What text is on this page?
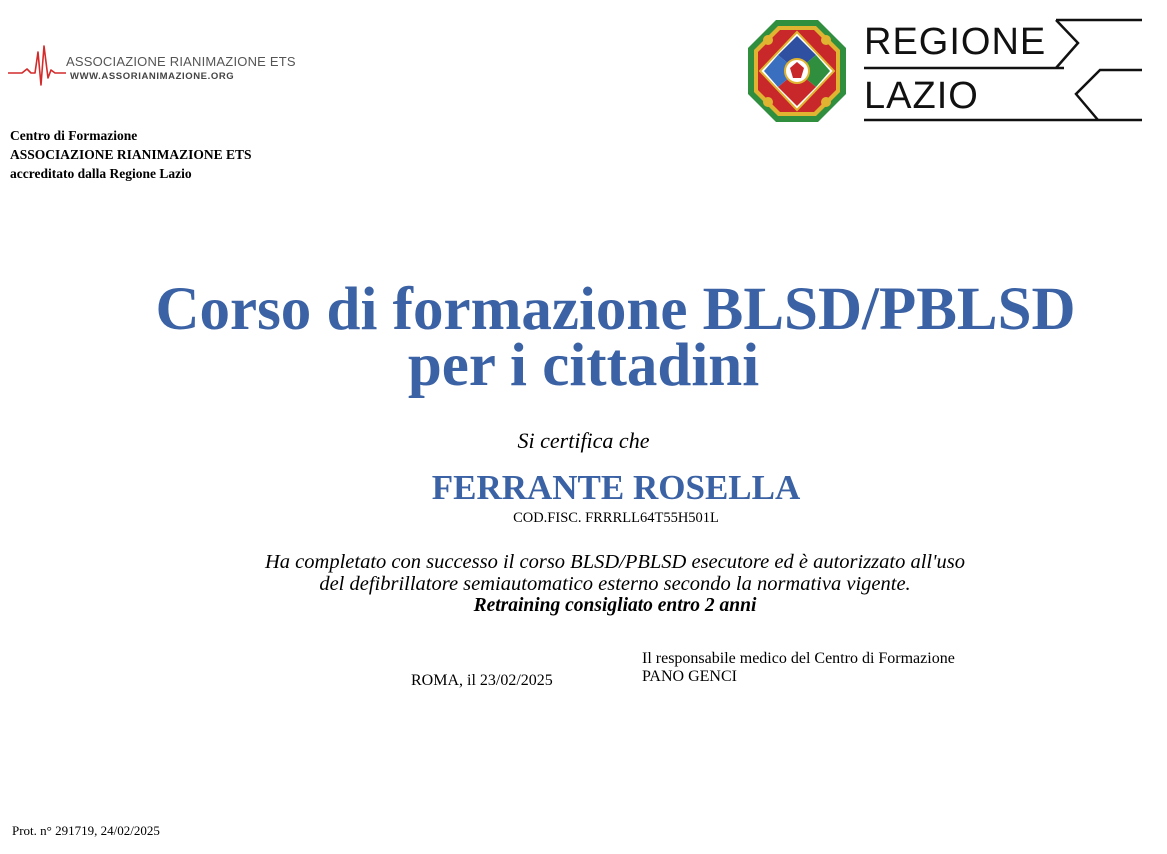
ASSOCIAZIONE RIANIMAZIONE ETS
WWW.ASSORIANIMAZIONE.ORG
Centro di Formazione
ASSOCIAZIONE RIANIMAZIONE ETS
accreditato dalla Regione Lazio
REGIONE
LAZIO
Corso di formazione BLSD/PBLSD
per i cittadini
Si certifica che
FERRANTE ROSELLA
COD.FISC. FRRRLL64T55H501L
Ha completato con successo il corso BLSD/PBLSD esecutore ed è autorizzato all'uso
del defibrillatore semiautomatico esterno secondo la normativa vigente.
Retraining consigliato entro 2 anni
ROMA, il 23/02/2025
Il responsabile medico del Centro di Formazione
PANO GENCI
Prot. n° 291719, 24/02/2025
